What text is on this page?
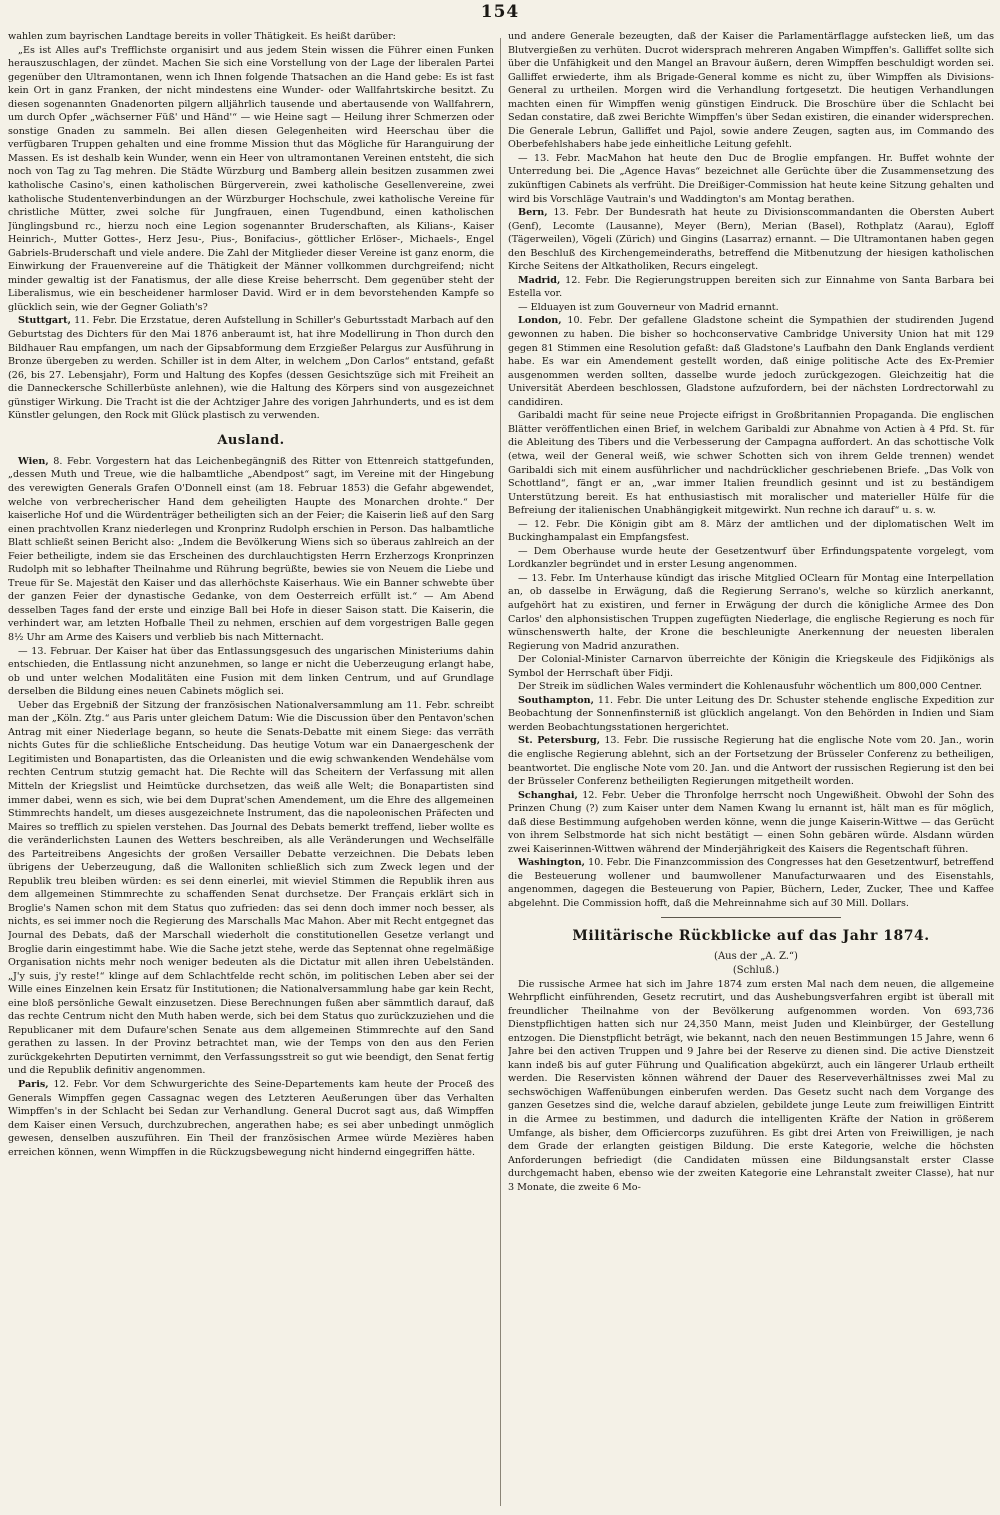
154

wahlen zum bayrischen Landtage bereits in voller Thätigkeit. Es heißt darüber:

„Es ist Alles auf's Trefflichste organisirt und aus jedem Stein wissen die Führer einen Funken herauszuschlagen, der zündet. Machen Sie sich eine Vorstellung von der Lage der liberalen Partei gegenüber den Ultramontanen, wenn ich Ihnen folgende Thatsachen an die Hand gebe: Es ist fast kein Ort in ganz Franken, der nicht mindestens eine Wunder- oder Wallfahrtskirche besitzt. Zu diesen sogenannten Gnadenorten pilgern alljährlich tausende und abertausende von Wallfahrern, um durch Opfer „wächserner Füß' und Händ'“ — wie Heine sagt — Heilung ihrer Schmerzen oder sonstige Gnaden zu sammeln. Bei allen diesen Gelegenheiten wird Heerschau über die verfügbaren Truppen gehalten und eine fromme Mission thut das Mögliche für Haranguirung der Massen. Es ist deshalb kein Wunder, wenn ein Heer von ultramontanen Vereinen entsteht, die sich noch von Tag zu Tag mehren. Die Städte Würzburg und Bamberg allein besitzen zusammen zwei katholische Casino's, einen katholischen Bürgerverein, zwei katholische Gesellenvereine, zwei katholische Studentenverbindungen an der Würzburger Hochschule, zwei katholische Vereine für christliche Mütter, zwei solche für Jungfrauen, einen Tugendbund, einen katholischen Jünglingsbund rc., hierzu noch eine Legion sogenannter Bruderschaften, als Kilians-, Kaiser Heinrich-, Mutter Gottes-, Herz Jesu-, Pius-, Bonifacius-, göttlicher Erlöser-, Michaels-, Engel Gabriels-Bruderschaft und viele andere. Die Zahl der Mitglieder dieser Vereine ist ganz enorm, die Einwirkung der Frauenvereine auf die Thätigkeit der Männer vollkommen durchgreifend; nicht minder gewaltig ist der Fanatismus, der alle diese Kreise beherrscht. Dem gegenüber steht der Liberalismus, wie ein bescheidener harmloser David. Wird er in dem bevorstehenden Kampfe so glücklich sein, wie der Gegner Goliath's?

Stuttgart, 11. Febr. Die Erzstatue, deren Aufstellung in Schiller's Geburtsstadt Marbach auf den Geburtstag des Dichters für den Mai 1876 anberaumt ist, hat ihre Modellirung in Thon durch den Bildhauer Rau empfangen, um nach der Gipsabformung dem Erzgießer Pelargus zur Ausführung in Bronze übergeben zu werden. Schiller ist in dem Alter, in welchem „Don Carlos“ entstand, gefaßt (26, bis 27. Lebensjahr), Form und Haltung des Kopfes (dessen Gesichtszüge sich mit Freiheit an die Danneckersche Schillerbüste anlehnen), wie die Haltung des Körpers sind von ausgezeichnet günstiger Wirkung. Die Tracht ist die der Achtziger Jahre des vorigen Jahrhunderts, und es ist dem Künstler gelungen, den Rock mit Glück plastisch zu verwenden.

Ausland.

Wien, 8. Febr. Vorgestern hat das Leichenbegängniß des Ritter von Ettenreich stattgefunden, „dessen Muth und Treue, wie die halbamtliche „Abendpost“ sagt, im Vereine mit der Hingebung des verewigten Generals Grafen O'Donnell einst (am 18. Februar 1853) die Gefahr abgewendet, welche von verbrecherischer Hand dem geheiligten Haupte des Monarchen drohte.“ Der kaiserliche Hof und die Würdenträger betheiligten sich an der Feier; die Kaiserin ließ auf den Sarg einen prachtvollen Kranz niederlegen und Kronprinz Rudolph erschien in Person. Das halbamtliche Blatt schließt seinen Bericht also: „Indem die Bevölkerung Wiens sich so überaus zahlreich an der Feier betheiligte, indem sie das Erscheinen des durchlauchtigsten Herrn Erzherzogs Kronprinzen Rudolph mit so lebhafter Theilnahme und Rührung begrüßte, bewies sie von Neuem die Liebe und Treue für Se. Majestät den Kaiser und das allerhöchste Kaiserhaus. Wie ein Banner schwebte über der ganzen Feier der dynastische Gedanke, von dem Oesterreich erfüllt ist.“ — Am Abend desselben Tages fand der erste und einzige Ball bei Hofe in dieser Saison statt. Die Kaiserin, die verhindert war, am letzten Hofballe Theil zu nehmen, erschien auf dem vorgestrigen Balle gegen 8½ Uhr am Arme des Kaisers und verblieb bis nach Mitternacht.

— 13. Februar. Der Kaiser hat über das Entlassungsgesuch des ungarischen Ministeriums dahin entschieden, die Entlassung nicht anzunehmen, so lange er nicht die Ueberzeugung erlangt habe, ob und unter welchen Modalitäten eine Fusion mit dem linken Centrum, und auf Grundlage derselben die Bildung eines neuen Cabinets möglich sei.

Ueber das Ergebniß der Sitzung der französischen Nationalversammlung am 11. Febr. schreibt man der „Köln. Ztg.“ aus Paris unter gleichem Datum: Wie die Discussion über den Pentavon'schen Antrag mit einer Niederlage begann, so heute die Senats-Debatte mit einem Siege: das verräth nichts Gutes für die schließliche Entscheidung. Das heutige Votum war ein Danaergeschenk der Legitimisten und Bonapartisten, das die Orleanisten und die ewig schwankenden Wendehälse vom rechten Centrum stutzig gemacht hat. Die Rechte will das Scheitern der Verfassung mit allen Mitteln der Kriegslist und Heimtücke durchsetzen, das weiß alle Welt; die Bonapartisten sind immer dabei, wenn es sich, wie bei dem Duprat'schen Amendement, um die Ehre des allgemeinen Stimmrechts handelt, um dieses ausgezeichnete Instrument, das die napoleonischen Präfecten und Maires so trefflich zu spielen verstehen. Das Journal des Debats bemerkt treffend, lieber wollte es die veränderlichsten Launen des Wetters beschreiben, als alle Veränderungen und Wechselfälle des Parteitreibens Angesichts der großen Versailler Debatte verzeichnen. Die Debats leben übrigens der Ueberzeugung, daß die Walloniten schließlich sich zum Zweck legen und der Republik treu bleiben würden: es sei denn einerlei, mit wieviel Stimmen die Republik ihren aus dem allgemeinen Stimmrechte zu schaffenden Senat durchsetze. Der Français erklärt sich in Broglie's Namen schon mit dem Status quo zufrieden: das sei denn doch immer noch besser, als nichts, es sei immer noch die Regierung des Marschalls Mac Mahon. Aber mit Recht entgegnet das Journal des Debats, daß der Marschall wiederholt die constitutionellen Gesetze verlangt und Broglie darin eingestimmt habe. Wie die Sache jetzt stehe, werde das Septennat ohne regelmäßige Organisation nichts mehr noch weniger bedeuten als die Dictatur mit allen ihren Uebelständen. „J'y suis, j'y reste!“ klinge auf dem Schlachtfelde recht schön, im politischen Leben aber sei der Wille eines Einzelnen kein Ersatz für Institutionen; die Nationalversammlung habe gar kein Recht, eine bloß persönliche Gewalt einzusetzen. Diese Berechnungen fußen aber sämmtlich darauf, daß das rechte Centrum nicht den Muth haben werde, sich bei dem Status quo zurückzuziehen und die Republicaner mit dem Dufaure'schen Senate aus dem allgemeinen Stimmrechte auf den Sand gerathen zu lassen. In der Provinz betrachtet man, wie der Temps von den aus den Ferien zurückgekehrten Deputirten vernimmt, den Verfassungsstreit so gut wie beendigt, den Senat fertig und die Republik definitiv angenommen.

Paris, 12. Febr. Vor dem Schwurgerichte des Seine-Departements kam heute der Proceß des Generals Wimpffen gegen Cassagnac wegen des Letzteren Aeußerungen über das Verhalten Wimpffen's in der Schlacht bei Sedan zur Verhandlung. General Ducrot sagt aus, daß Wimpffen dem Kaiser einen Versuch, durchzubrechen, angerathen habe; es sei aber unbedingt unmöglich gewesen, denselben auszuführen. Ein Theil der französischen Armee würde Mezières haben erreichen können, wenn Wimpffen in die Rückzugsbewegung nicht hindernd eingegriffen hätte.

und andere Generale bezeugten, daß der Kaiser die Parlamentärflagge aufstecken ließ, um das Blutvergießen zu verhüten. Ducrot widersprach mehreren Angaben Wimpffen's. Galliffet sollte sich über die Unfähigkeit und den Mangel an Bravour äußern, deren Wimpffen beschuldigt worden sei. Galliffet erwiederte, ihm als Brigade-General komme es nicht zu, über Wimpffen als Divisions-General zu urtheilen. Morgen wird die Verhandlung fortgesetzt. Die heutigen Verhandlungen machten einen für Wimpffen wenig günstigen Eindruck. Die Broschüre über die Schlacht bei Sedan constatire, daß zwei Berichte Wimpffen's über Sedan existiren, die einander widersprechen. Die Generale Lebrun, Galliffet und Pajol, sowie andere Zeugen, sagten aus, im Commando des Oberbefehlshabers habe jede einheitliche Leitung gefehlt.

— 13. Febr. MacMahon hat heute den Duc de Broglie empfangen. Hr. Buffet wohnte der Unterredung bei. Die „Agence Havas“ bezeichnet alle Gerüchte über die Zusammensetzung des zukünftigen Cabinets als verfrüht. Die Dreißiger-Commission hat heute keine Sitzung gehalten und wird bis Vorschläge Vautrain's und Waddington's am Montag berathen.

Bern, 13. Febr. Der Bundesrath hat heute zu Divisionscommandanten die Obersten Aubert (Genf), Lecomte (Lausanne), Meyer (Bern), Merian (Basel), Rothplatz (Aarau), Egloff (Tägerweilen), Vögeli (Zürich) und Gingins (Lasarraz) ernannt. — Die Ultramontanen haben gegen den Beschluß des Kirchengemeinderaths, betreffend die Mitbenutzung der hiesigen katholischen Kirche Seitens der Altkatholiken, Recurs eingelegt.

Madrid, 12. Febr. Die Regierungstruppen bereiten sich zur Einnahme von Santa Barbara bei Estella vor.

— Elduayen ist zum Gouverneur von Madrid ernannt.

London, 10. Febr. Der gefallene Gladstone scheint die Sympathien der studirenden Jugend gewonnen zu haben. Die bisher so hochconservative Cambridge University Union hat mit 129 gegen 81 Stimmen eine Resolution gefaßt: daß Gladstone's Laufbahn den Dank Englands verdient habe. Es war ein Amendement gestellt worden, daß einige politische Acte des Ex-Premier ausgenommen werden sollten, dasselbe wurde jedoch zurückgezogen. Gleichzeitig hat die Universität Aberdeen beschlossen, Gladstone aufzufordern, bei der nächsten Lordrectorwahl zu candidiren.

Garibaldi macht für seine neue Projecte eifrigst in Großbritannien Propaganda. Die englischen Blätter veröffentlichen einen Brief, in welchem Garibaldi zur Abnahme von Actien à 4 Pfd. St. für die Ableitung des Tibers und die Verbesserung der Campagna auffordert. An das schottische Volk (etwa, weil der General weiß, wie schwer Schotten sich von ihrem Gelde trennen) wendet Garibaldi sich mit einem ausführlicher und nachdrücklicher geschriebenen Briefe. „Das Volk von Schottland“, fängt er an, „war immer Italien freundlich gesinnt und ist zu beständigem Unterstützung bereit. Es hat enthusiastisch mit moralischer und materieller Hülfe für die Befreiung der italienischen Unabhängigkeit mitgewirkt. Nun rechne ich darauf“ u. s. w.

— 12. Febr. Die Königin gibt am 8. März der amtlichen und der diplomatischen Welt im Buckinghampalast ein Empfangsfest.

— Dem Oberhause wurde heute der Gesetzentwurf über Erfindungspatente vorgelegt, vom Lordkanzler begründet und in erster Lesung angenommen.

— 13. Febr. Im Unterhause kündigt das irische Mitglied OClearn für Montag eine Interpellation an, ob dasselbe in Erwägung, daß die Regierung Serrano's, welche so kürzlich anerkannt, aufgehört hat zu existiren, und ferner in Erwägung der durch die königliche Armee des Don Carlos' den alphonsistischen Truppen zugefügten Niederlage, die englische Regierung es noch für wünschenswerth halte, der Krone die beschleunigte Anerkennung der neuesten liberalen Regierung von Madrid anzurathen.

Der Colonial-Minister Carnarvon überreichte der Königin die Kriegskeule des Fidjikönigs als Symbol der Herrschaft über Fidji.

Der Streik im südlichen Wales vermindert die Kohlenausfuhr wöchentlich um 800,000 Centner.

Southampton, 11. Febr. Die unter Leitung des Dr. Schuster stehende englische Expedition zur Beobachtung der Sonnenfinsterniß ist glücklich angelangt. Von den Behörden in Indien und Siam werden Beobachtungsstationen hergerichtet.

St. Petersburg, 13. Febr. Die russische Regierung hat die englische Note vom 20. Jan., worin die englische Regierung ablehnt, sich an der Fortsetzung der Brüsseler Conferenz zu betheiligen, beantwortet. Die englische Note vom 20. Jan. und die Antwort der russischen Regierung ist den bei der Brüsseler Conferenz betheiligten Regierungen mitgetheilt worden.

Schanghai, 12. Febr. Ueber die Thronfolge herrscht noch Ungewißheit. Obwohl der Sohn des Prinzen Chung (?) zum Kaiser unter dem Namen Kwang lu ernannt ist, hält man es für möglich, daß diese Bestimmung aufgehoben werden könne, wenn die junge Kaiserin-Wittwe — das Gerücht von ihrem Selbstmorde hat sich nicht bestätigt — einen Sohn gebären würde. Alsdann würden zwei Kaiserinnen-Wittwen während der Minderjährigkeit des Kaisers die Regentschaft führen.

Washington, 10. Febr. Die Finanzcommission des Congresses hat den Gesetzentwurf, betreffend die Besteuerung wollener und baumwollener Manufacturwaaren und des Eisenstahls, angenommen, dagegen die Besteuerung von Papier, Büchern, Leder, Zucker, Thee und Kaffee abgelehnt. Die Commission hofft, daß die Mehreinnahme sich auf 30 Mill. Dollars.

Militärische Rückblicke auf das Jahr 1874.

(Aus der „A. Z.“)

(Schluß.)

Die russische Armee hat sich im Jahre 1874 zum ersten Mal nach dem neuen, die allgemeine Wehrpflicht einführenden, Gesetz recrutirt, und das Aushebungsverfahren ergibt ist überall mit freundlicher Theilnahme von der Bevölkerung aufgenommen worden. Von 693,736 Dienstpflichtigen hatten sich nur 24,350 Mann, meist Juden und Kleinbürger, der Gestellung entzogen. Die Dienstpflicht beträgt, wie bekannt, nach den neuen Bestimmungen 15 Jahre, wenn 6 Jahre bei den activen Truppen und 9 Jahre bei der Reserve zu dienen sind. Die active Dienstzeit kann indeß bis auf guter Führung und Qualification abgekürzt, auch ein längerer Urlaub ertheilt werden. Die Reservisten können während der Dauer des Reserveverhältnisses zwei Mal zu sechswöchigen Waffenübungen einberufen werden. Das Gesetz sucht nach dem Vorgange des ganzen Gesetzes sind die, welche darauf abzielen, gebildete junge Leute zum freiwilligen Eintritt in die Armee zu bestimmen, und dadurch die intelligenten Kräfte der Nation in größerem Umfange, als bisher, dem Officiercorps zuzuführen. Es gibt drei Arten von Freiwilligen, je nach dem Grade der erlangten geistigen Bildung. Die erste Kategorie, welche die höchsten Anforderungen befriedigt (die Candidaten müssen eine Bildungsanstalt erster Classe durchgemacht haben, ebenso wie der zweiten Kategorie eine Lehranstalt zweiter Classe), hat nur 3 Monate, die zweite 6 Mo-
